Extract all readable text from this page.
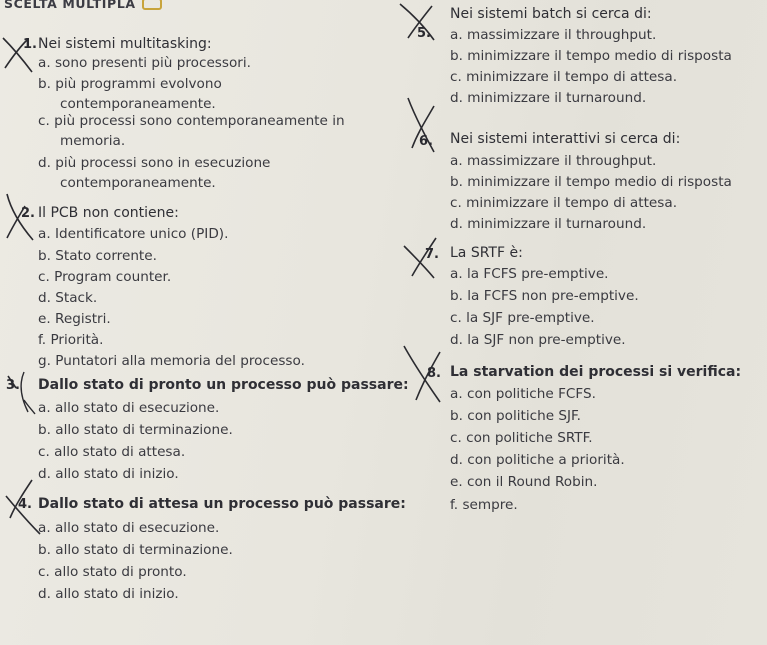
SCELTA MULTIPLA
1. Nei sistemi multitasking:
a. sono presenti più processori.
b. più programmi evolvono
contemporaneamente.
c. più processi sono contemporaneamente in
memoria.
d. più processi sono in esecuzione
contemporaneamente.
2. Il PCB non contiene:
a. Identificatore unico (PID).
b. Stato corrente.
c. Program counter.
d. Stack.
e. Registri.
f. Priorità.
g. Puntatori alla memoria del processo.
3. Dallo stato di pronto un processo può passare:
a. allo stato di esecuzione.
b. allo stato di terminazione.
c. allo stato di attesa.
d. allo stato di inizio.
4. Dallo stato di attesa un processo può passare:
a. allo stato di esecuzione.
b. allo stato di terminazione.
c. allo stato di pronto.
d. allo stato di inizio.
5.
Nei sistemi batch si cerca di:
a. massimizzare il throughput.
b. minimizzare il tempo medio di risposta
c. minimizzare il tempo di attesa.
d. minimizzare il turnaround.
6. Nei sistemi interattivi si cerca di:
a. massimizzare il throughput.
b. minimizzare il tempo medio di risposta
c. minimizzare il tempo di attesa.
d. minimizzare il turnaround.
7. La SRTF è:
a. la FCFS pre-emptive.
b. la FCFS non pre-emptive.
c. la SJF pre-emptive.
d. la SJF non pre-emptive.
8. La starvation dei processi si verifica:
a. con politiche FCFS.
b. con politiche SJF.
c. con politiche SRTF.
d. con politiche a priorità.
e. con il Round Robin.
f. sempre.
